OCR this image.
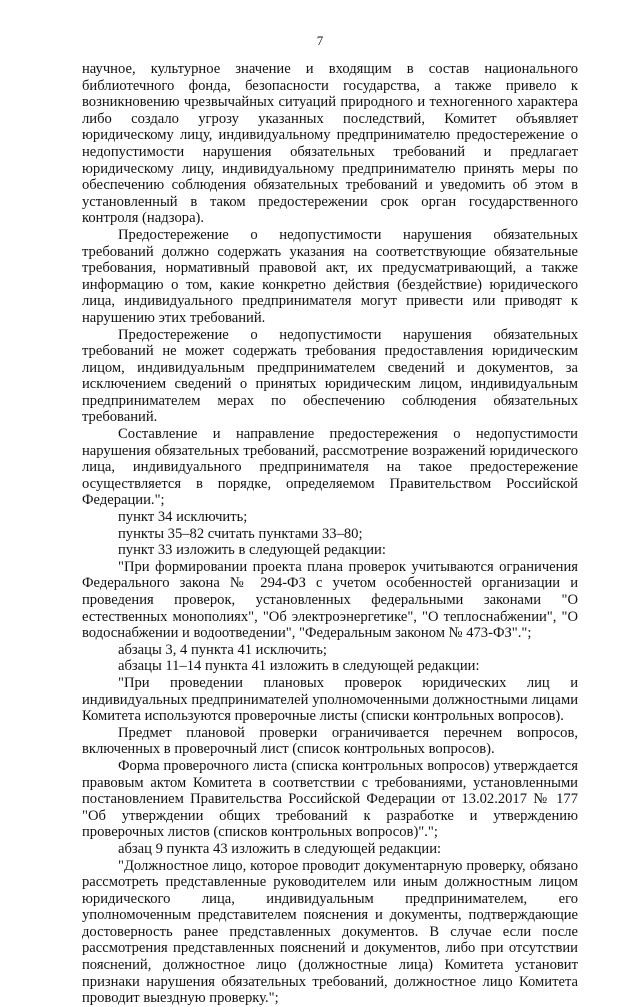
7

научное, культурное значение и входящим в состав национального библиотечного фонда, безопасности государства, а также привело к возникновению чрезвычайных ситуаций природного и техногенного характера либо создало угрозу указанных последствий, Комитет объявляет юридическому лицу, индивидуальному предпринимателю предостережение о недопустимости нарушения обязательных требований и предлагает юридическому лицу, индивидуальному предпринимателю принять меры по обеспечению соблюдения обязательных требований и уведомить об этом в установленный в таком предостережении срок орган государственного контроля (надзора).

Предостережение о недопустимости нарушения обязательных требований должно содержать указания на соответствующие обязательные требования, нормативный правовой акт, их предусматривающий, а также информацию о том, какие конкретно действия (бездействие) юридического лица, индивидуального предпринимателя могут привести или приводят к нарушению этих требований.

Предостережение о недопустимости нарушения обязательных требований не может содержать требования предоставления юридическим лицом, индивидуальным предпринимателем сведений и документов, за исключением сведений о принятых юридическим лицом, индивидуальным предпринимателем мерах по обеспечению соблюдения обязательных требований.

Составление и направление предостережения о недопустимости нарушения обязательных требований, рассмотрение возражений юридического лица, индивидуального предпринимателя на такое предостережение осуществляется в порядке, определяемом Правительством Российской Федерации.";

пункт 34 исключить;

пункты 35–82 считать пунктами 33–80;

пункт 33 изложить в следующей редакции:

"При формировании проекта плана проверок учитываются ограничения Федерального закона № 294-ФЗ с учетом особенностей организации и проведения проверок, установленных федеральными законами "О естественных монополиях", "Об электроэнергетике", "О теплоснабжении", "О водоснабжении и водоотведении", "Федеральным законом № 473-ФЗ".";

абзацы 3, 4 пункта 41 исключить;

абзацы 11–14 пункта 41 изложить в следующей редакции:

"При проведении плановых проверок юридических лиц и индивидуальных предпринимателей уполномоченными должностными лицами Комитета используются проверочные листы (списки контрольных вопросов).

Предмет плановой проверки ограничивается перечнем вопросов, включенных в проверочный лист (список контрольных вопросов).

Форма проверочного листа (списка контрольных вопросов) утверждается правовым актом Комитета в соответствии с требованиями, установленными постановлением Правительства Российской Федерации от 13.02.2017 № 177 "Об утверждении общих требований к разработке и утверждению проверочных листов (списков контрольных вопросов)".";

абзац 9 пункта 43 изложить в следующей редакции:

"Должностное лицо, которое проводит документарную проверку, обязано рассмотреть представленные руководителем или иным должностным лицом юридического лица, индивидуальным предпринимателем, его уполномоченным представителем пояснения и документы, подтверждающие достоверность ранее представленных документов. В случае если после рассмотрения представленных пояснений и документов, либо при отсутствии пояснений, должностное лицо (должностные лица) Комитета установит признаки нарушения обязательных требований, должностное лицо Комитета проводит выездную проверку.";
